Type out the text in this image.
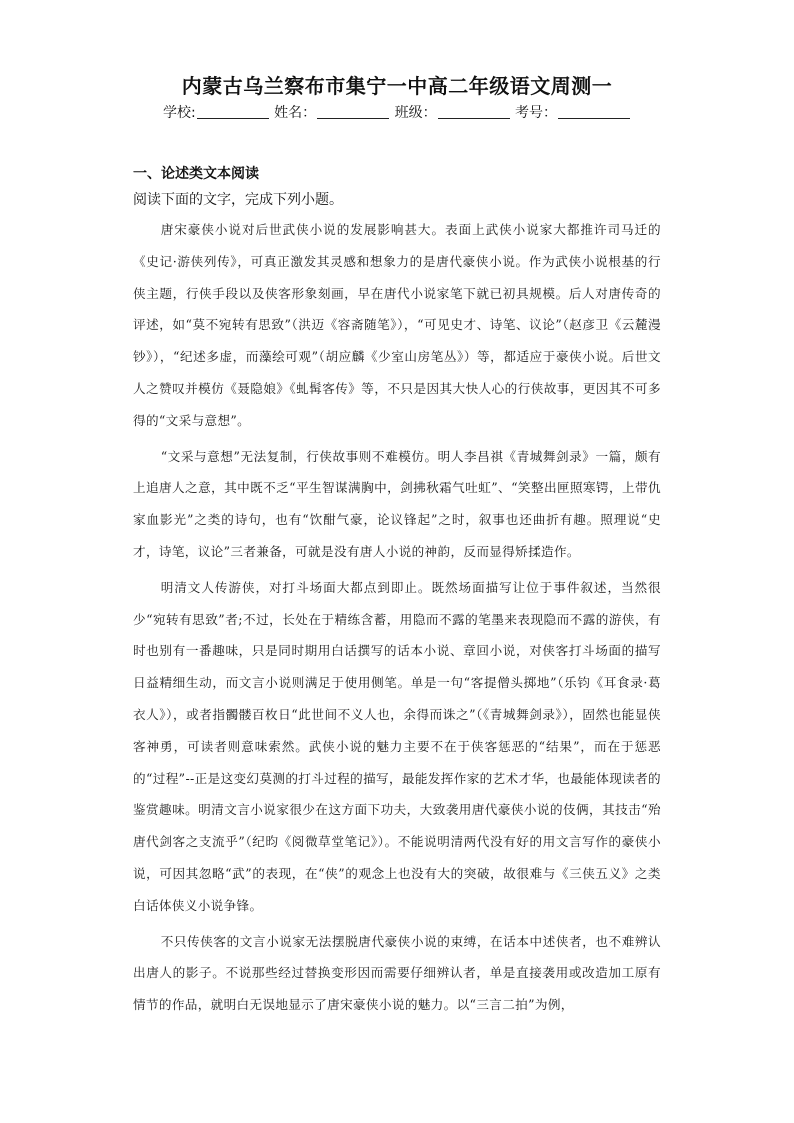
内蒙古乌兰察布市集宁一中高二年级语文周测一
学校:	姓名：	班级：	考号：
一、论述类文本阅读
阅读下面的文字，完成下列小题。

唐宋豪侠小说对后世武侠小说的发展影响甚大。表面上武侠小说家大都推许司马迁的《史记·游侠列传》，可真正激发其灵感和想象力的是唐代豪侠小说。作为武侠小说根基的行侠主题，行侠手段以及侠客形象刻画，早在唐代小说家笔下就已初具规模。后人对唐传奇的评述，如“莫不宛转有思致”（洪迈《容斋随笔》），“可见史才、诗笔、议论”（赵彦卫《云麓漫钞》），“纪述多虚，而藻绘可观”（胡应麟《少室山房笔丛》）等，都适应于豪侠小说。后世文人之赞叹并模仿《聂隐娘》《虬髯客传》等，不只是因其大快人心的行侠故事，更因其不可多得的“文采与意想”。

“文采与意想”无法复制，行侠故事则不难模仿。明人李昌祺《青城舞剑录》一篇，颇有上追唐人之意，其中既不乏“平生智谋满胸中，剑拂秋霜气吐虹”、“笑整出匣照寒锷，上带仇家血影光”之类的诗句，也有“饮酣气豪，论议锋起”之时，叙事也还曲折有趣。照理说“史才，诗笔，议论”三者兼备，可就是没有唐人小说的神韵，反而显得矫揉造作。

明清文人传游侠，对打斗场面大都点到即止。既然场面描写让位于事件叙述，当然很少“宛转有思致”者;不过，长处在于精练含蓄，用隐而不露的笔墨来表现隐而不露的游侠，有时也别有一番趣味，只是同时期用白话撰写的话本小说、章回小说，对侠客打斗场面的描写日益精细生动，而文言小说则满足于使用侧笔。单是一句“客提僧头掷地”（乐钧《耳食录·葛衣人》），或者指髑髅百枚日“此世间不义人也，余得而诛之”（《青城舞剑录》），固然也能显侠客神勇，可读者则意味索然。武侠小说的魅力主要不在于侠客惩恶的“结果”，而在于惩恶的“过程”--正是这变幻莫测的打斗过程的描写，最能发挥作家的艺术才华，也最能体现读者的鉴赏趣味。明清文言小说家很少在这方面下功夫，大致袭用唐代豪侠小说的伎俩，其技击“殆唐代剑客之支流乎”（纪昀《阅微草堂笔记》）。不能说明清两代没有好的用文言写作的豪侠小说，可因其忽略“武”的表现，在“侠”的观念上也没有大的突破，故很难与《三侠五义》之类白话体侠义小说争锋。

不只传侠客的文言小说家无法摆脱唐代豪侠小说的束缚，在话本中述侠者，也不难辨认出唐人的影子。不说那些经过替换变形因而需要仔细辨认者，单是直接袭用或改造加工原有情节的作品，就明白无误地显示了唐宋豪侠小说的魅力。以“三言二拍”为例，
